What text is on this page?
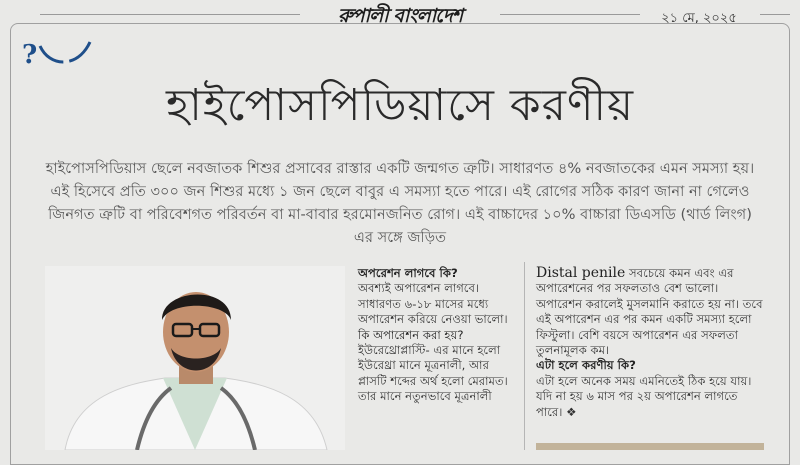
রুপালী বাংলাদেশ	২১ মে, ২০২৫
?
হাইপোসপিডিয়াসে করণীয়
হাইপোসপিডিয়াস ছেলে নবজাতক শিশুর প্রসাবের রাস্তার একটি জন্মগত ত্রুটি। সাধারণত ৪% নবজাতকের এমন সমস্যা হয়। এই হিসেবে প্রতি ৩০০ জন শিশুর মধ্যে ১ জন ছেলে বাবুর এ সমস্যা হতে পারে। এই রোগের সঠিক কারণ জানা না গেলেও জিনগত ত্রুটি বা পরিবেশগত পরিবর্তন বা মা-বাবার হরমোনজনিত রোগ। এই বাচ্চাদের ১০% বাচ্চারা ডিএসডি (থার্ড লিংগ) এর সঙ্গে জড়িত
অপরেশন লাগবে কি?
অবশ্যই অপারেশন লাগবে। সাধারণত ৬-১৮ মাসের মধ্যে অপারেশন করিয়ে নেওয়া ভালো।
কি অপারেশন করা হয়?
ইউরেথ্রোপ্লাস্টি- এর মানে হলো ইউরেথ্রা মানে মূত্রনালী, আর প্লাসটি শব্দের অর্থ হলো মেরামত। তার মানে নতুনভাবে মূত্রনালী
Distal penile সবচেয়ে কমন এবং এর অপারেশনের পর সফলতাও বেশ ভালো। অপারেশন করালেই মুসলমানি করাতে হয় না। তবে এই অপারেশন এর পর কমন একটি সমস্যা হলো ফিস্টুলা। বেশি বয়সে অপারেশন এর সফলতা তুলনামূলক কম।
এটা হলে করণীয় কি?
এটা হলে অনেক সময় এমনিতেই ঠিক হয়ে যায়। যদি না হয় ৬ মাস পর ২য় অপারেশন লাগতে পারে। ❖
